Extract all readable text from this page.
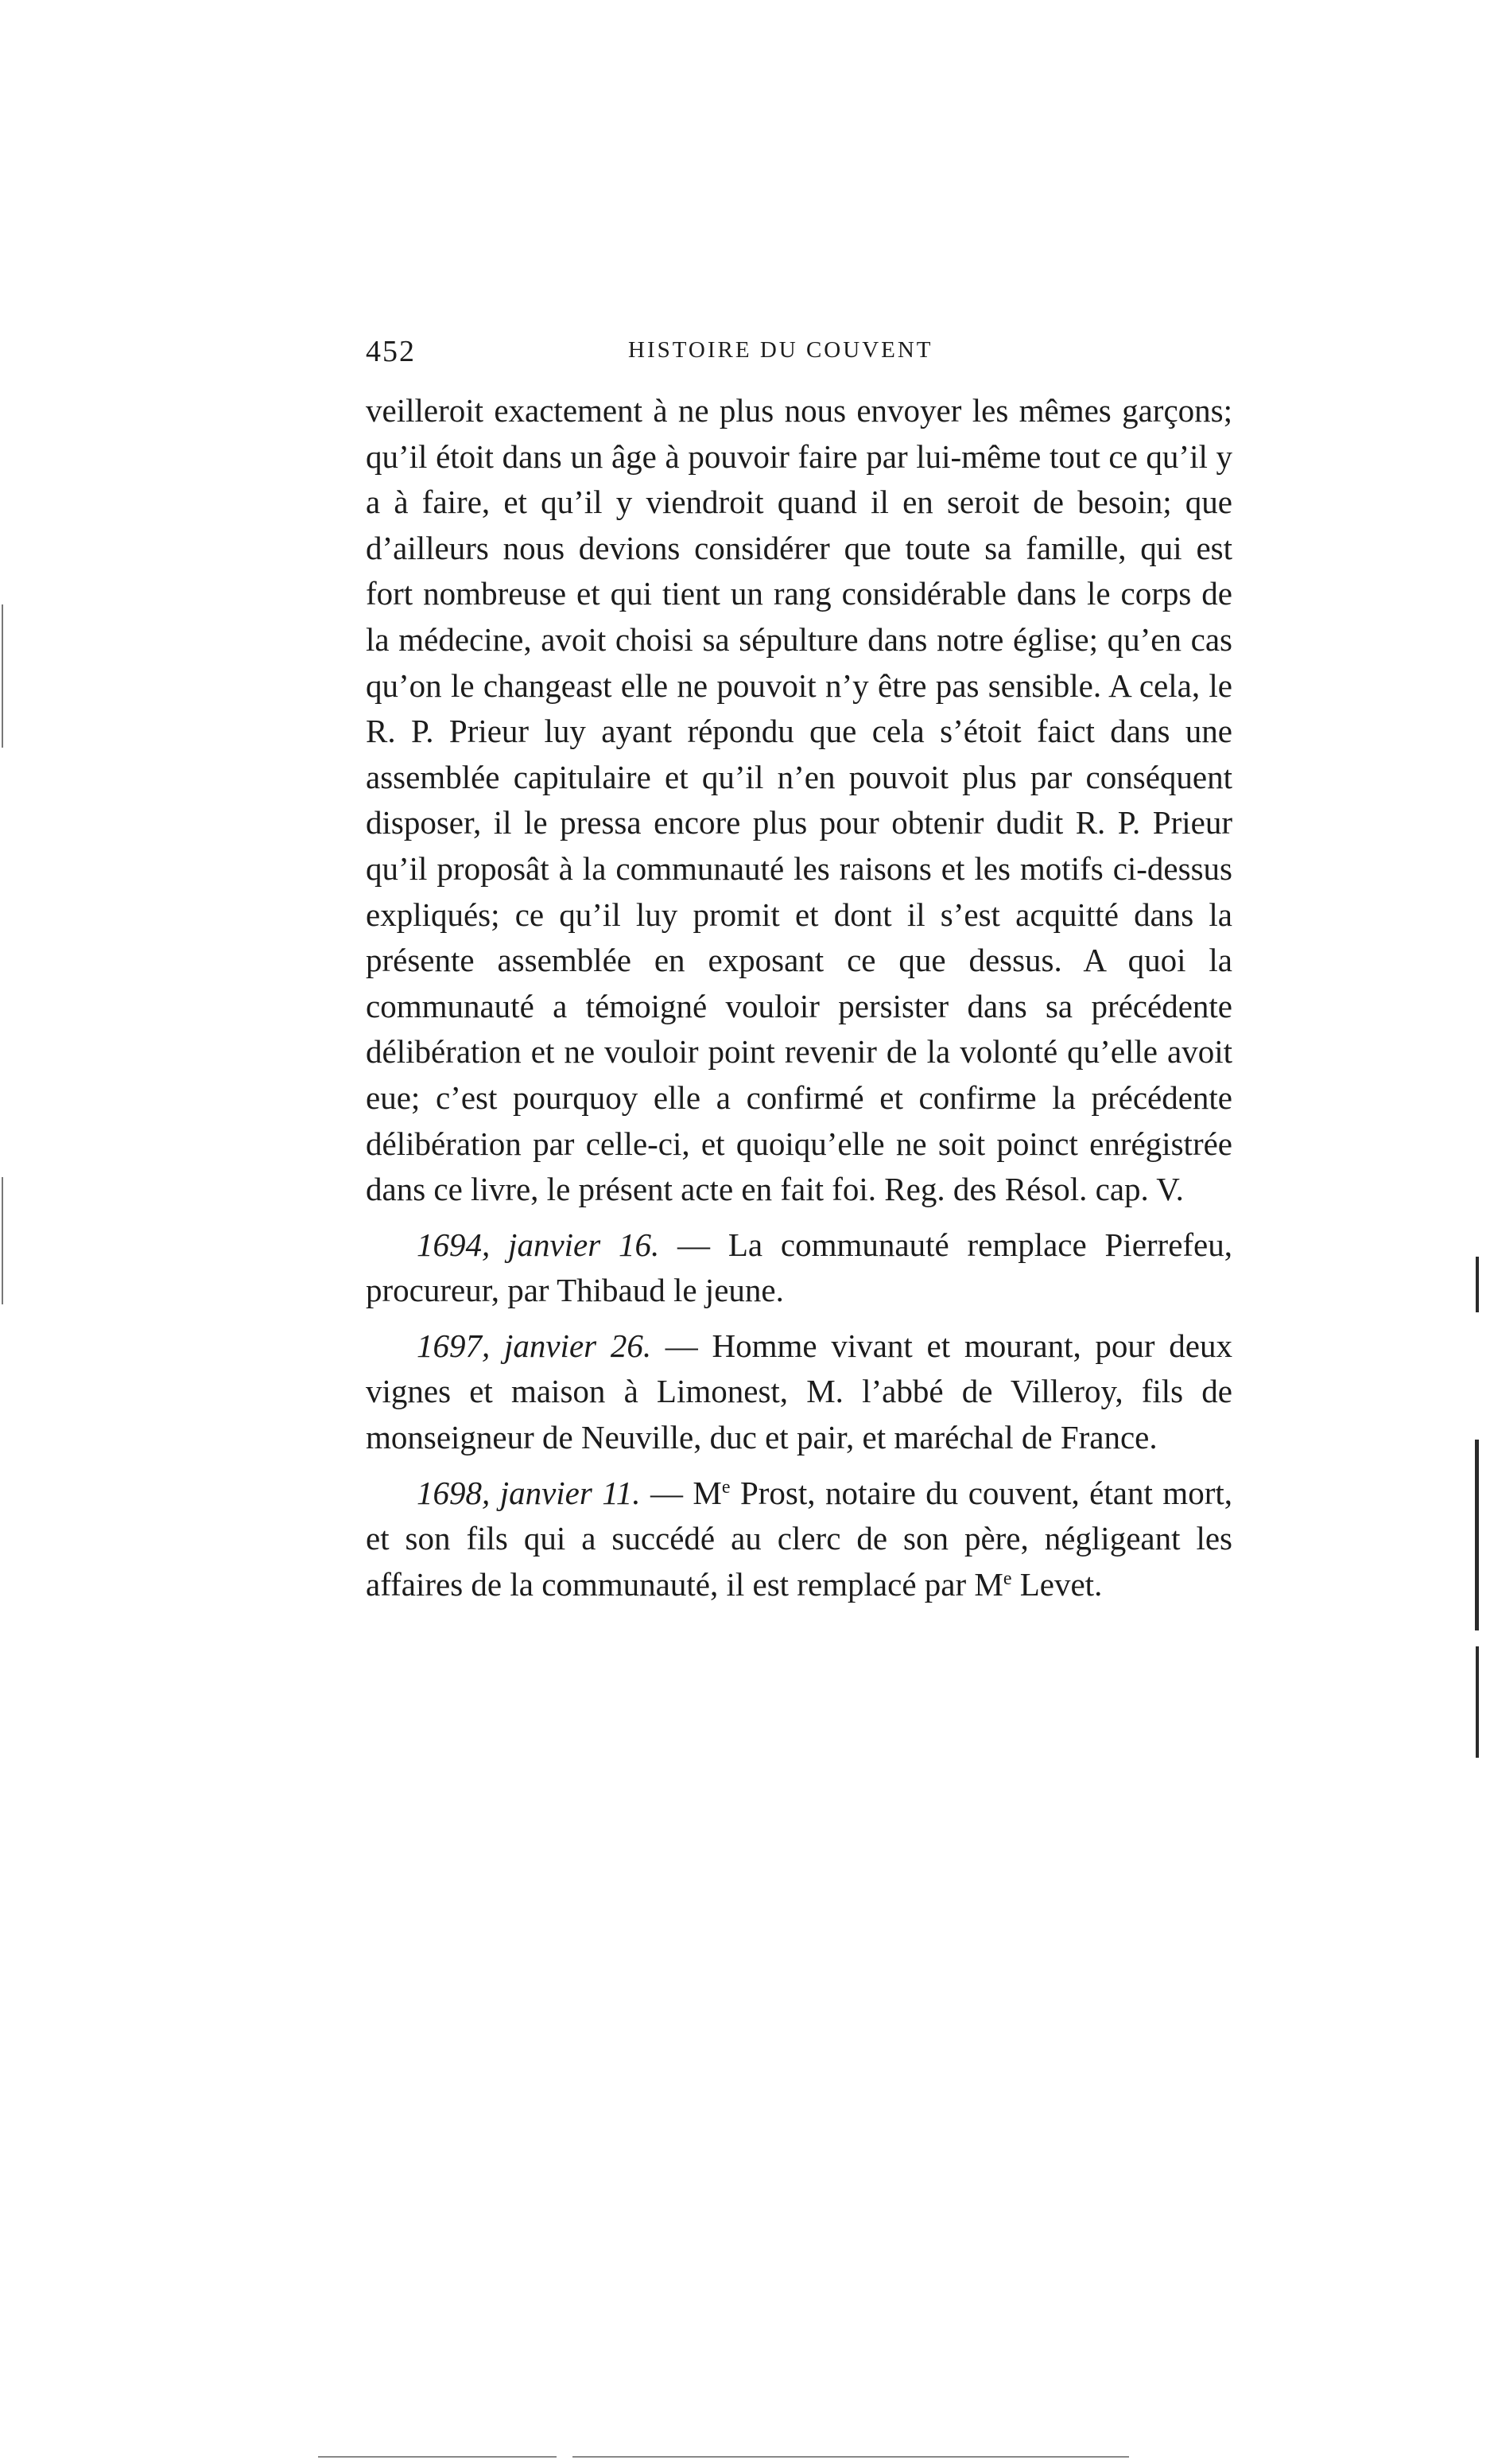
452	HISTOIRE DU COUVENT

veilleroit exactement à ne plus nous envoyer les mêmes garçons; qu’il étoit dans un âge à pouvoir faire par lui-même tout ce qu’il y a à faire, et qu’il y viendroit quand il en seroit de besoin; que d’ailleurs nous devions considérer que toute sa famille, qui est fort nombreuse et qui tient un rang considérable dans le corps de la médecine, avoit choisi sa sépulture dans notre église; qu’en cas qu’on le changeast elle ne pouvoit n’y être pas sensible. A cela, le R. P. Prieur luy ayant répondu que cela s’étoit faict dans une assemblée capitulaire et qu’il n’en pouvoit plus par conséquent disposer, il le pressa encore plus pour obtenir dudit R. P. Prieur qu’il proposât à la communauté les raisons et les motifs ci-dessus expliqués; ce qu’il luy promit et dont il s’est acquitté dans la présente assemblée en exposant ce que dessus. A quoi la communauté a témoigné vouloir persister dans sa précédente délibération et ne vouloir point revenir de la volonté qu’elle avoit eue; c’est pourquoy elle a confirmé et confirme la précédente délibération par celle-ci, et quoiqu’elle ne soit poinct enrégistrée dans ce livre, le présent acte en fait foi. Reg. des Résol. cap. V.

1694, janvier 16. — La communauté remplace Pierrefeu, procureur, par Thibaud le jeune.

1697, janvier 26. — Homme vivant et mourant, pour deux vignes et maison à Limonest, M. l’abbé de Villeroy, fils de monseigneur de Neuville, duc et pair, et maréchal de France.

1698, janvier 11. — Me Prost, notaire du couvent, étant mort, et son fils qui a succédé au clerc de son père, négligeant les affaires de la communauté, il est remplacé par Me Levet.
